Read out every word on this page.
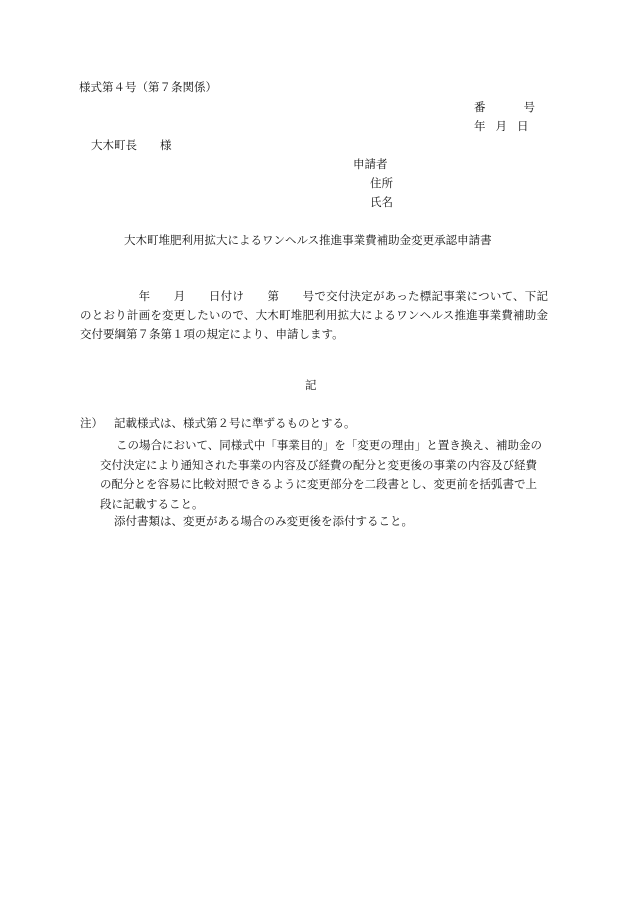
様式第４号（第７条関係）
番	号
年 月 日
大木町長　　様
申請者
住所
氏名
大木町堆肥利用拡大によるワンヘルス推進事業費補助金変更承認申請書

　　　　　年　　月　　日付け　　第　　号で交付決定があった標記事業について、下記のとおり計画を変更したいので、大木町堆肥利用拡大によるワンヘルス推進事業費補助金交付要綱第７条第１項の規定により、申請します。

記
注） 記載様式は、様式第２号に準ずるものとする。
この場合において、同様式中「事業目的」を「変更の理由」と置き換え、補助金の交付決定により通知された事業の内容及び経費の配分と変更後の事業の内容及び経費の配分とを容易に比較対照できるように変更部分を二段書とし、変更前を括弧書で上段に記載すること。
添付書類は、変更がある場合のみ変更後を添付すること。
